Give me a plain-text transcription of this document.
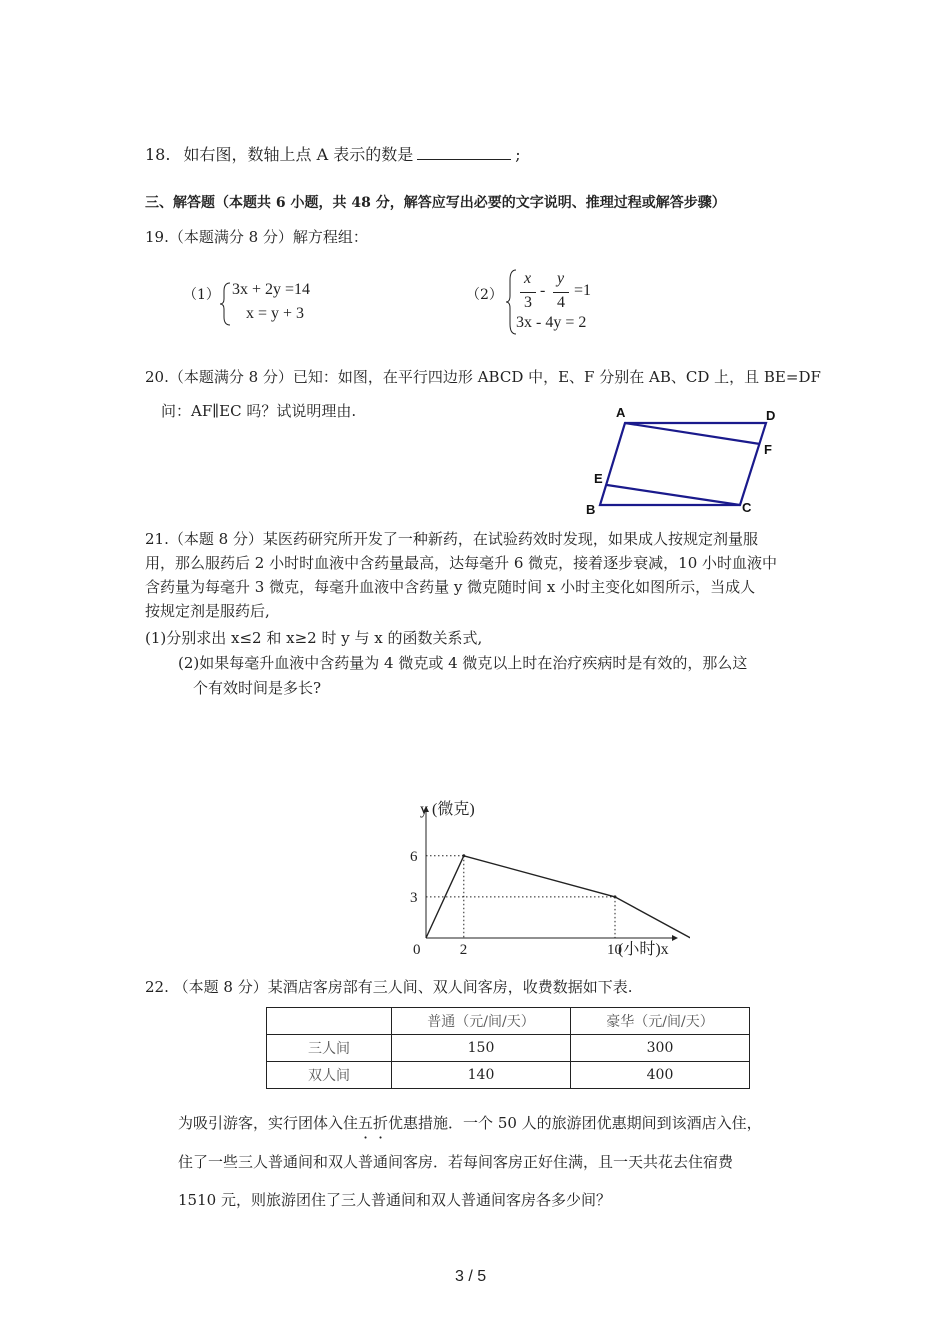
18. 如右图，数轴上点 A 表示的数是	;
三、解答题（本题共 6 小题，共 48 分，解答应写出必要的文字说明、推理过程或解答步骤）
19.（本题满分 8 分）解方程组：
（1） 3x + 2y =14
x = y + 3
（2）
x
3
-
y
4
=1
3x - 4y = 2
20.（本题满分 8 分）已知：如图，在平行四边形 ABCD 中，E、F 分别在 AB、CD 上，且 BE=DF
问：AF∥EC 吗？试说明理由.	A	D
F
E
B	C
21.（本题 8 分）某医药研究所开发了一种新药，在试验药效时发现，如果成人按规定剂量服
用，那么服药后 2 小时时血液中含药量最高，达每毫升 6 微克，接着逐步衰减，10 小时血液中
含药量为每毫升 3 微克，每毫升血液中含药量 y 微克随时间 x 小时主变化如图所示，当成人
按规定剂是服药后,
(1)分别求出 x≤2 和 x≥2 时 y 与 x 的函数关系式,
(2)如果每毫升血液中含药量为 4 微克或 4 微克以上时在治疗疾病时是有效的，那么这
个有效时间是多长?
0	2	10
6
3
(小时)x
y (微克)
22. （本题 8 分）某酒店客房部有三人间、双人间客房，收费数据如下表.
	普通（元/间/天）	豪华（元/间/天）
三人间	150	300
双人间	140	400
为吸引游客，实行团体入住五折优惠措施．一个 50 人的旅游团优惠期间到该酒店入住，
住了一些三人普通间和双人普通间客房．若每间客房正好住满，且一天共花去住宿费
1510 元，则旅游团住了三人普通间和双人普通间客房各多少间？
3 / 5
